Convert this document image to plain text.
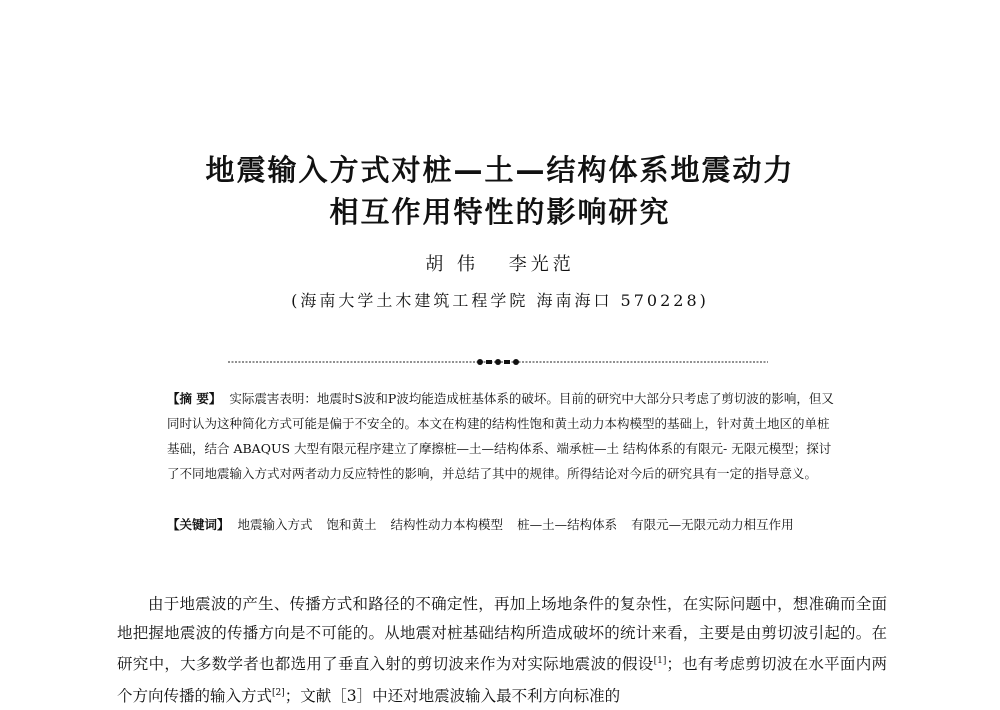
地震输入方式对桩—土—结构体系地震动力
相互作用特性的影响研究
胡 伟 李光范
(海南大学土木建筑工程学院 海南海口 570228)
【摘 要】 实际震害表明：地震时S波和P波均能造成桩基体系的破坏。目前的研究中大部分只考虑了剪切波的影响，但又同时认为这种简化方式可能是偏于不安全的。本文在构建的结构性饱和黄土动力本构模型的基础上，针对黄土地区的单桩基础，结合 ABAQUS 大型有限元程序建立了摩擦桩—土—结构体系、端承桩—土 结构体系的有限元- 无限元模型；探讨了不同地震输入方式对两者动力反应特性的影响，并总结了其中的规律。所得结论对今后的研究具有一定的指导意义。
【关键词】 地震输入方式 饱和黄土 结构性动力本构模型 桩—土—结构体系 有限元—无限元动力相互作用

由于地震波的产生、传播方式和路径的不确定性，再加上场地条件的复杂性，在实际问题中，想准确而全面地把握地震波的传播方向是不可能的。从地震对桩基础结构所造成破坏的统计来看，主要是由剪切波引起的。在研究中，大多数学者也都选用了垂直入射的剪切波来作为对实际地震波的假设[1]；也有考虑剪切波在水平面内两个方向传播的输入方式[2]；文献［3］中还对地震波输入最不利方向标准的
